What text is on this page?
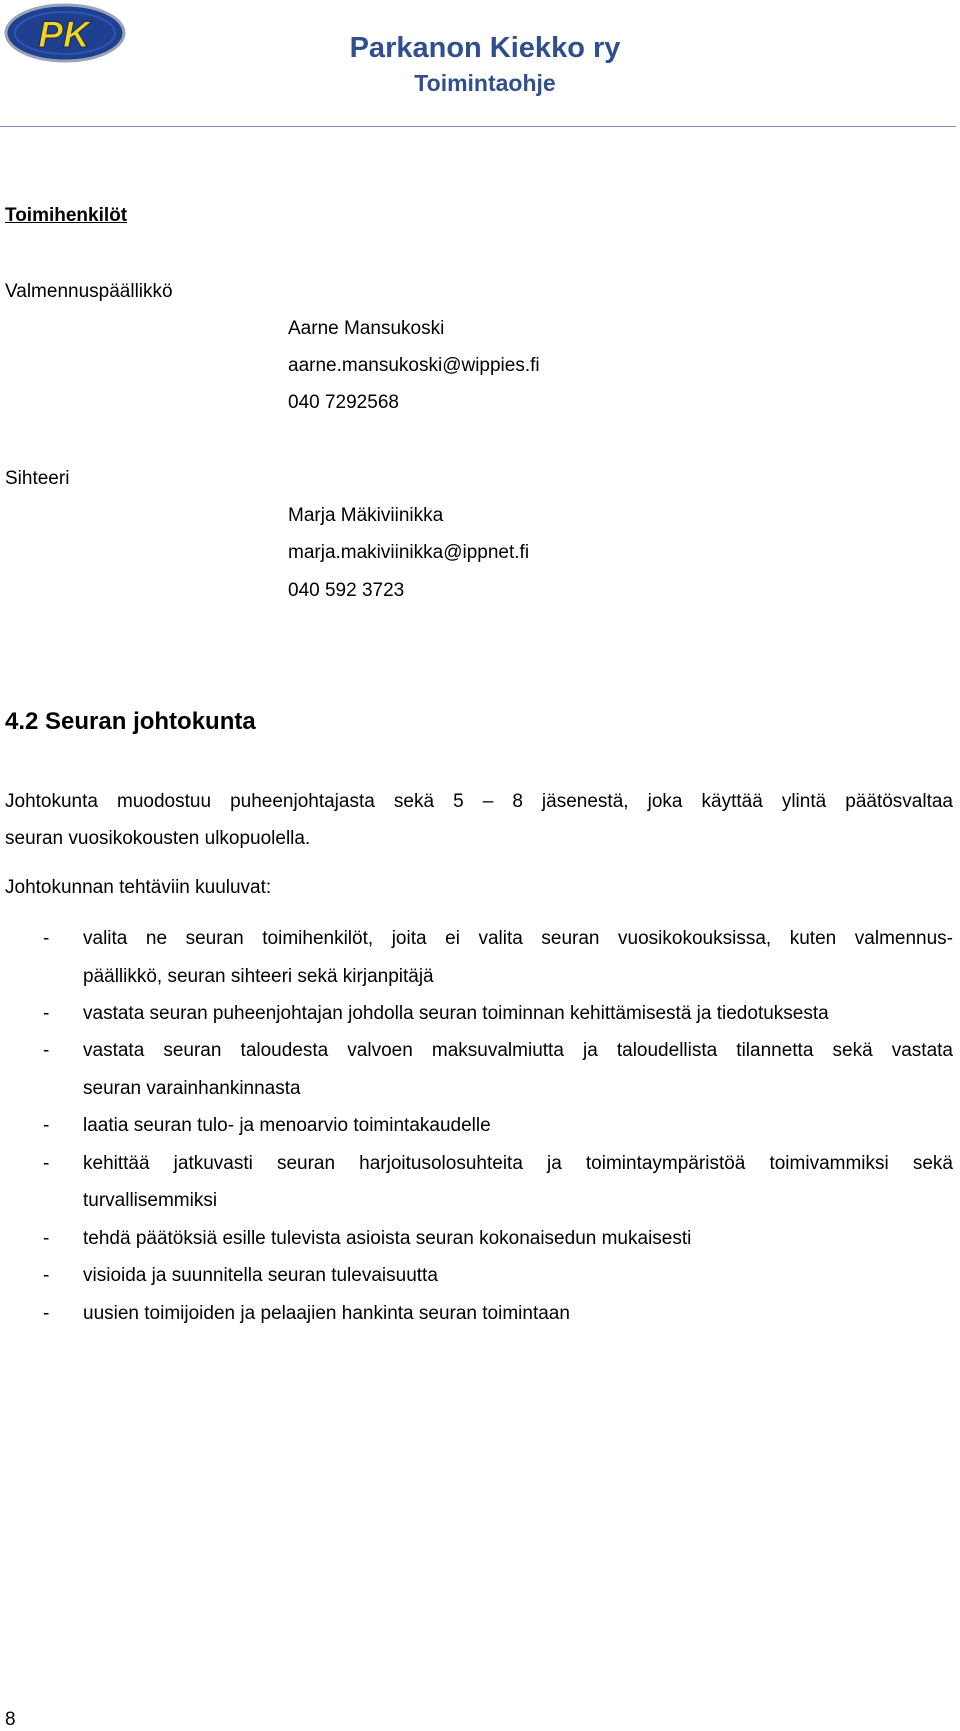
PK	Parkanon Kiekko ry
Toimintaohje
Toimihenkilöt
Valmennuspäällikkö
Aarne Mansukoski
aarne.mansukoski@wippies.fi
040 7292568
Sihteeri
Marja Mäkiviinikka
marja.makiviinikka@ippnet.fi
040 592 3723
4.2 Seuran johtokunta
Johtokunta muodostuu puheenjohtajasta sekä 5 – 8 jäsenestä, joka käyttää ylintä päätösvaltaa
seuran vuosikokousten ulkopuolella.
Johtokunnan tehtäviin kuuluvat:
- valita ne seuran toimihenkilöt, joita ei valita seuran vuosikokouksissa, kuten valmennus-
päällikkö, seuran sihteeri sekä kirjanpitäjä
- vastata seuran puheenjohtajan johdolla seuran toiminnan kehittämisestä ja tiedotuksesta
- vastata seuran taloudesta valvoen maksuvalmiutta ja taloudellista tilannetta sekä vastata
seuran varainhankinnasta
- laatia seuran tulo- ja menoarvio toimintakaudelle
- kehittää jatkuvasti seuran harjoitusolosuhteita ja toimintaympäristöä toimivammiksi sekä
turvallisemmiksi
- tehdä päätöksiä esille tulevista asioista seuran kokonaisedun mukaisesti
- visioida ja suunnitella seuran tulevaisuutta
- uusien toimijoiden ja pelaajien hankinta seuran toimintaan
8
